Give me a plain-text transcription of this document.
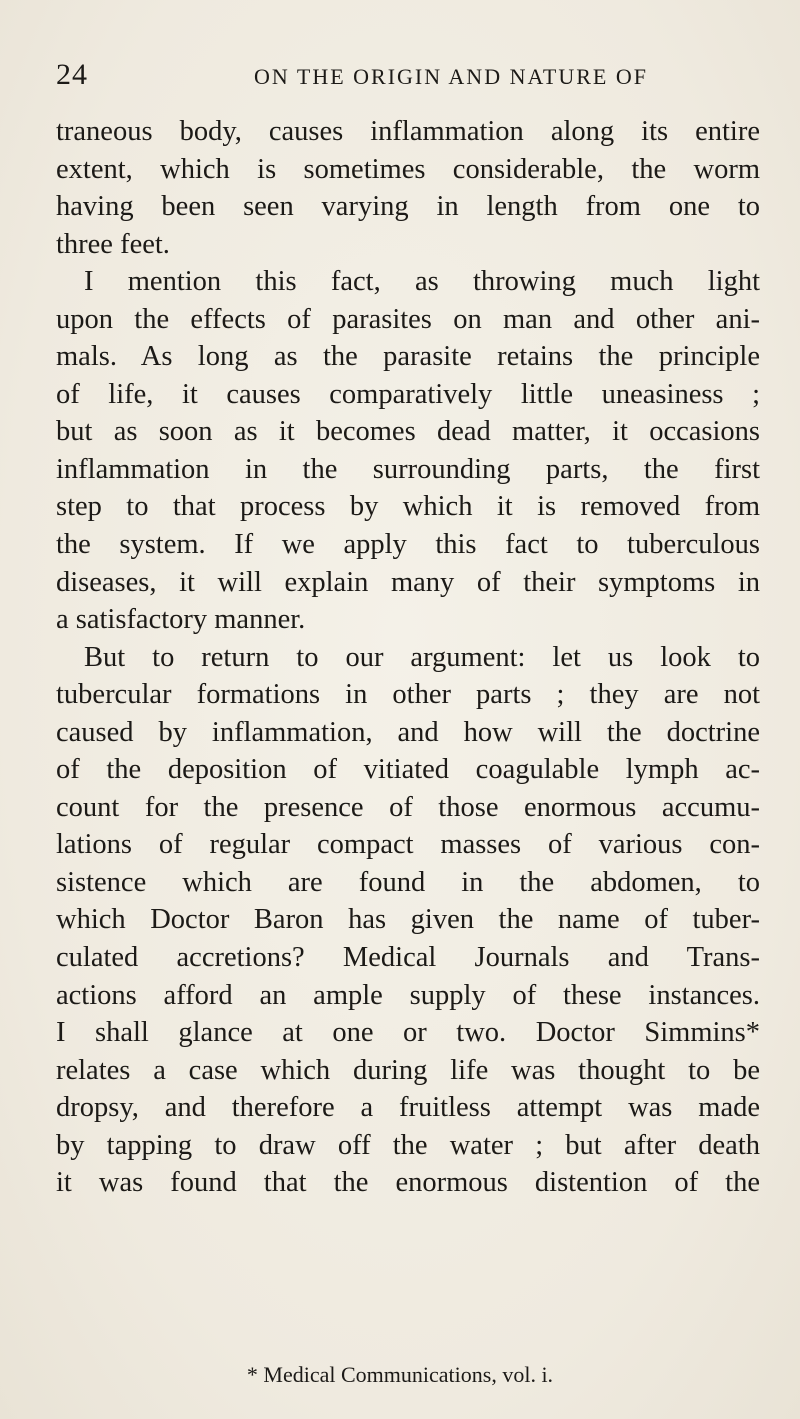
24	ON THE ORIGIN AND NATURE OF
traneous body, causes inflammation along its entire
extent, which is sometimes considerable, the worm
having been seen varying in length from one to
three feet.
I mention this fact, as throwing much light
upon the effects of parasites on man and other ani-
mals. As long as the parasite retains the principle
of life, it causes comparatively little uneasiness ;
but as soon as it becomes dead matter, it occasions
inflammation in the surrounding parts, the first
step to that process by which it is removed from
the system. If we apply this fact to tuberculous
diseases, it will explain many of their symptoms in
a satisfactory manner.
But to return to our argument: let us look to
tubercular formations in other parts ; they are not
caused by inflammation, and how will the doctrine
of the deposition of vitiated coagulable lymph ac-
count for the presence of those enormous accumu-
lations of regular compact masses of various con-
sistence which are found in the abdomen, to
which Doctor Baron has given the name of tuber-
culated accretions? Medical Journals and Trans-
actions afford an ample supply of these instances.
I shall glance at one or two. Doctor Simmins*
relates a case which during life was thought to be
dropsy, and therefore a fruitless attempt was made
by tapping to draw off the water ; but after death
it was found that the enormous distention of the
* Medical Communications, vol. i.
